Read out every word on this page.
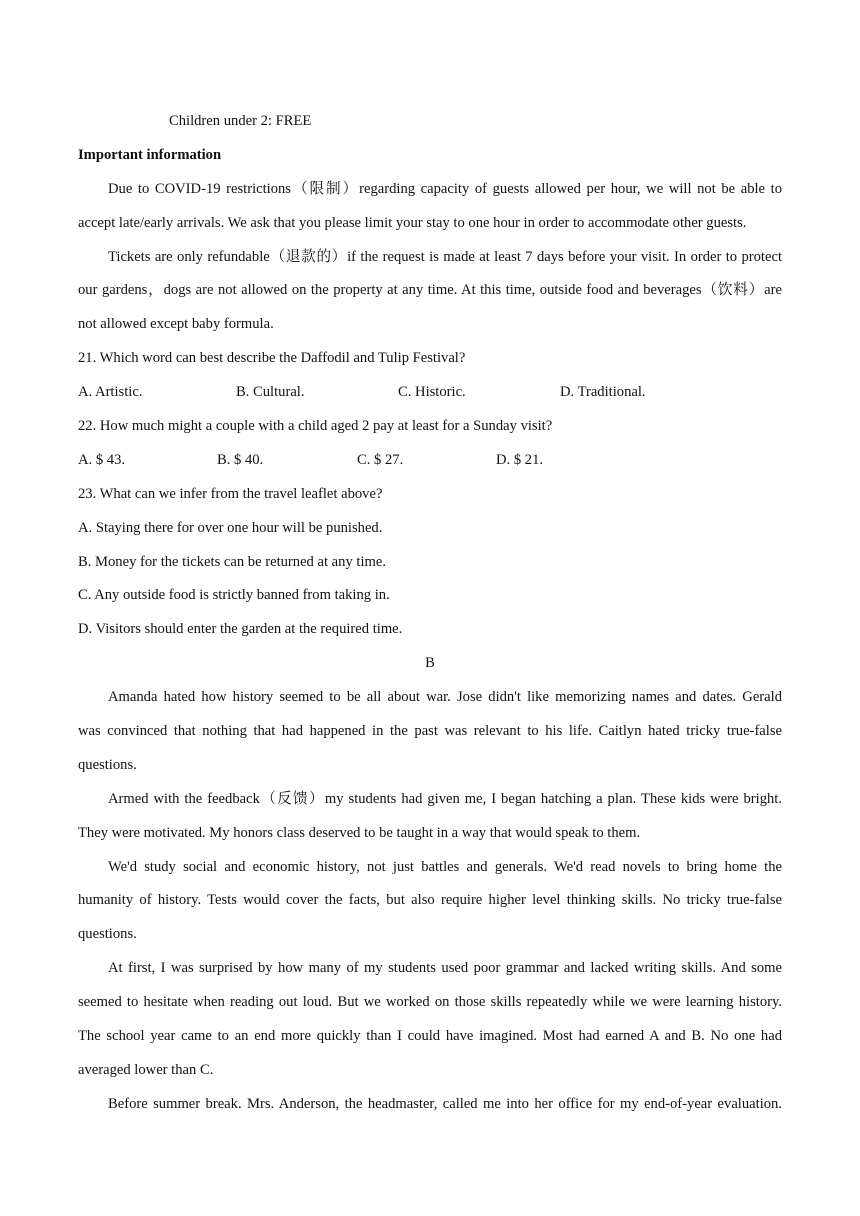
Children under 2: FREE
Important information
Due to COVID-19 restrictions（限制）regarding capacity of guests allowed per hour, we will not be able to
accept late/early arrivals. We ask that you please limit your stay to one hour in order to accommodate other guests.
Tickets are only refundable（退款的）if the request is made at least 7 days before your visit. In order to protect
our gardens，dogs are not allowed on the property at any time. At this time, outside food and beverages（饮料）are
not allowed except baby formula.
21. Which word can best describe the Daffodil and Tulip Festival?
A. Artistic.	B. Cultural.	C. Historic.	D. Traditional.
22. How much might a couple with a child aged 2 pay at least for a Sunday visit?
A. $ 43.	B. $ 40.	C. $ 27.	D. $ 21.
23. What can we infer from the travel leaflet above?
A. Staying there for over one hour will be punished.
B. Money for the tickets can be returned at any time.
C. Any outside food is strictly banned from taking in.
D. Visitors should enter the garden at the required time.
B
Amanda hated how history seemed to be all about war. Jose didn't like memorizing names and dates. Gerald
was convinced that nothing that had happened in the past was relevant to his life. Caitlyn hated tricky true-false
questions.
Armed with the feedback（反馈）my students had given me, I began hatching a plan. These kids were bright.
They were motivated. My honors class deserved to be taught in a way that would speak to them.
We'd study social and economic history, not just battles and generals. We'd read novels to bring home the
humanity of history. Tests would cover the facts, but also require higher level thinking skills. No tricky true-false
questions.
At first, I was surprised by how many of my students used poor grammar and lacked writing skills. And some
seemed to hesitate when reading out loud. But we worked on those skills repeatedly while we were learning history.
The school year came to an end more quickly than I could have imagined. Most had earned A and B. No one had
averaged lower than C.
Before summer break. Mrs. Anderson, the headmaster, called me into her office for my end-of-year evaluation.
